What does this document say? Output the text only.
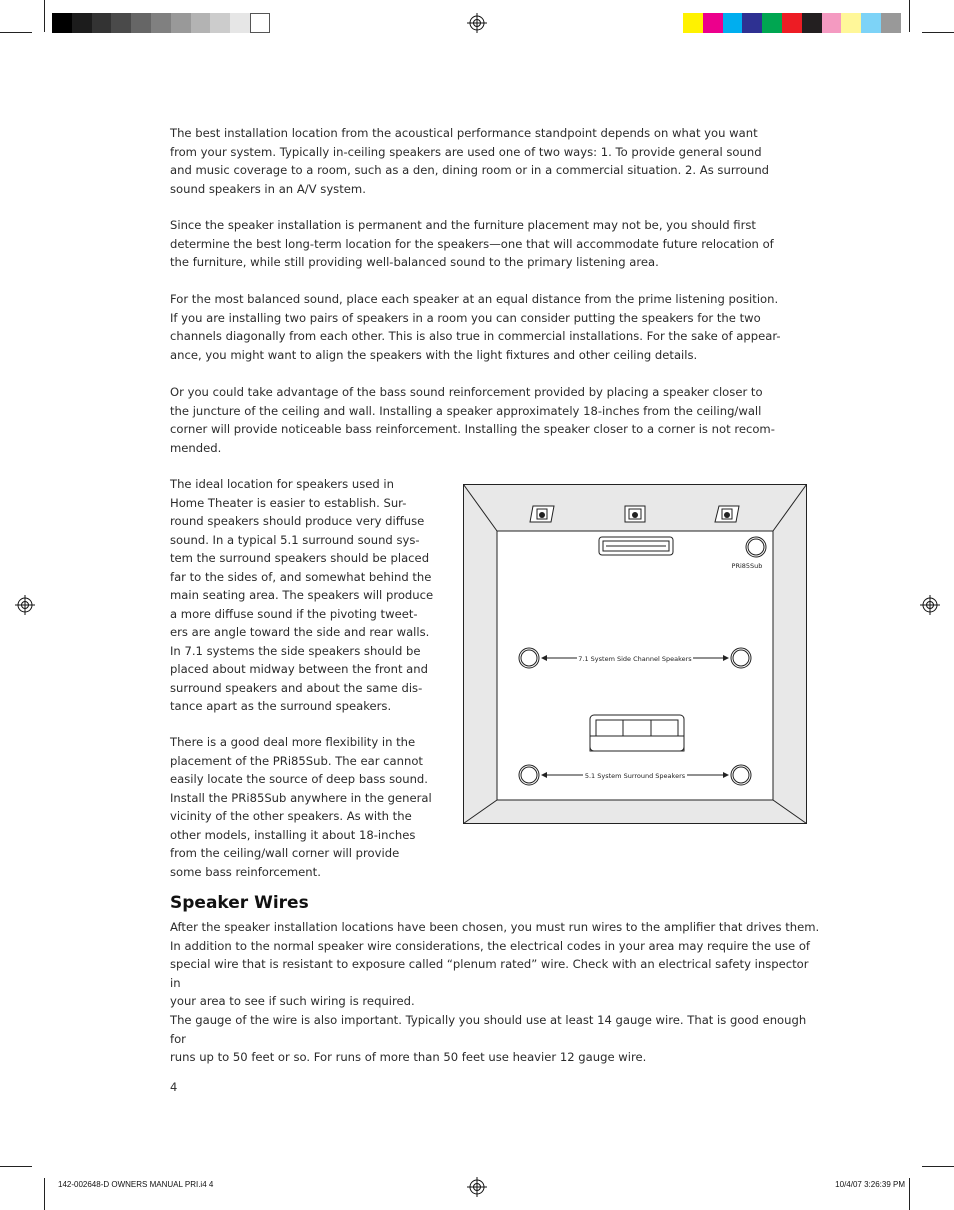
The best installation location from the acoustical performance standpoint depends on what you want
from your system. Typically in-ceiling speakers are used one of two ways: 1. To provide general sound
and music coverage to a room, such as a den, dining room or in a commercial situation. 2. As surround
sound speakers in an A/V system.

Since the speaker installation is permanent and the furniture placement may not be, you should first
determine the best long-term location for the speakers—one that will accommodate future relocation of
the furniture, while still providing well-balanced sound to the primary listening area.

For the most balanced sound, place each speaker at an equal distance from the prime listening position.
If you are installing two pairs of speakers in a room you can consider putting the speakers for the two
channels diagonally from each other. This is also true in commercial installations. For the sake of appear-
ance, you might want to align the speakers with the light fixtures and other ceiling details.

Or you could take advantage of the bass sound reinforcement provided by placing a speaker closer to
the juncture of the ceiling and wall. Installing a speaker approximately 18-inches from the ceiling/wall
corner will provide noticeable bass reinforcement. Installing the speaker closer to a corner is not recom-
mended.

The ideal location for speakers used in
Home Theater is easier to establish. Sur-
round speakers should produce very diffuse
sound. In a typical 5.1 surround sound sys-
tem the surround speakers should be placed
far to the sides of, and somewhat behind the
main seating area. The speakers will produce
a more diffuse sound if the pivoting tweet-
ers are angle toward the side and rear walls.
In 7.1 systems the side speakers should be
placed about midway between the front and
surround speakers and about the same dis-
tance apart as the surround speakers.

There is a good deal more flexibility in the
placement of the PRi85Sub. The ear cannot
easily locate the source of deep bass sound.
Install the PRi85Sub anywhere in the general
vicinity of the other speakers. As with the
other models, installing it about 18-inches
from the ceiling/wall corner will provide
some bass reinforcement.

PRi85Sub
7.1 System Side Channel Speakers
5.1 System Surround Speakers
Speaker Wires

After the speaker installation locations have been chosen, you must run wires to the amplifier that drives them.
In addition to the normal speaker wire considerations, the electrical codes in your area may require the use of
special wire that is resistant to exposure called “plenum rated” wire. Check with an electrical safety inspector in
your area to see if such wiring is required.

The gauge of the wire is also important. Typically you should use at least 14 gauge wire. That is good enough for
runs up to 50 feet or so. For runs of more than 50 feet use heavier 12 gauge wire.

4
142-002648-D OWNERS MANUAL PRI.i4 4	10/4/07 3:26:39 PM
